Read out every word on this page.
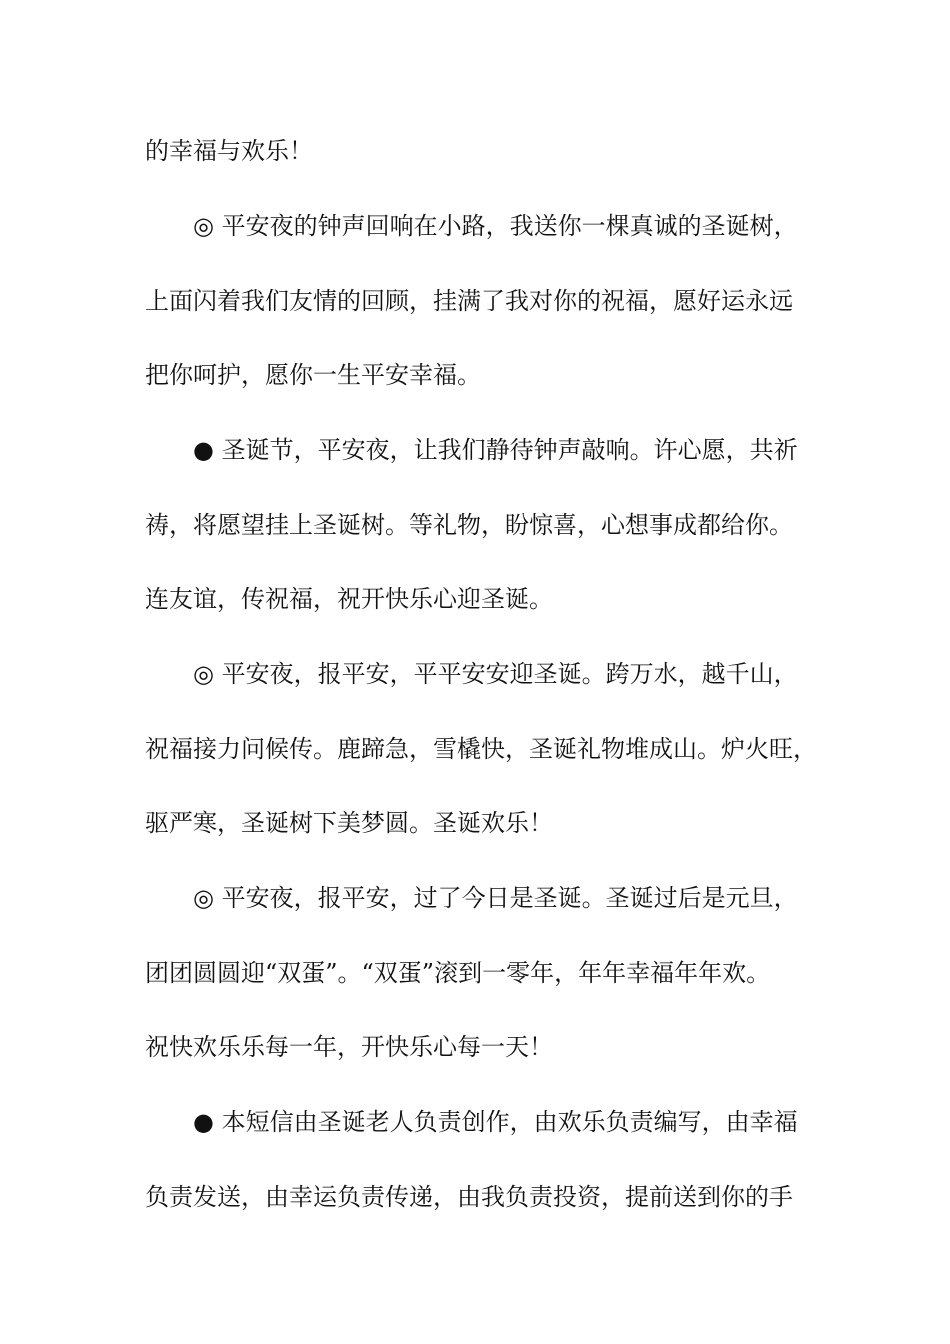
的幸福与欢乐！
◎ 平安夜的钟声回响在小路，我送你一棵真诚的圣诞树，
上面闪着我们友情的回顾，挂满了我对你的祝福，愿好运永远
把你呵护，愿你一生平安幸福。
● 圣诞节，平安夜，让我们静待钟声敲响。许心愿，共祈
祷，将愿望挂上圣诞树。等礼物，盼惊喜，心想事成都给你。
连友谊，传祝福，祝开快乐心迎圣诞。
◎ 平安夜，报平安，平平安安迎圣诞。跨万水，越千山，
祝福接力问候传。鹿蹄急，雪橇快，圣诞礼物堆成山。炉火旺，
驱严寒，圣诞树下美梦圆。圣诞欢乐！
◎ 平安夜，报平安，过了今日是圣诞。圣诞过后是元旦，
团团圆圆迎“双蛋”。“双蛋”滚到一零年，年年幸福年年欢。
祝快欢乐乐每一年，开快乐心每一天！
● 本短信由圣诞老人负责创作，由欢乐负责编写，由幸福
负责发送，由幸运负责传递，由我负责投资，提前送到你的手
